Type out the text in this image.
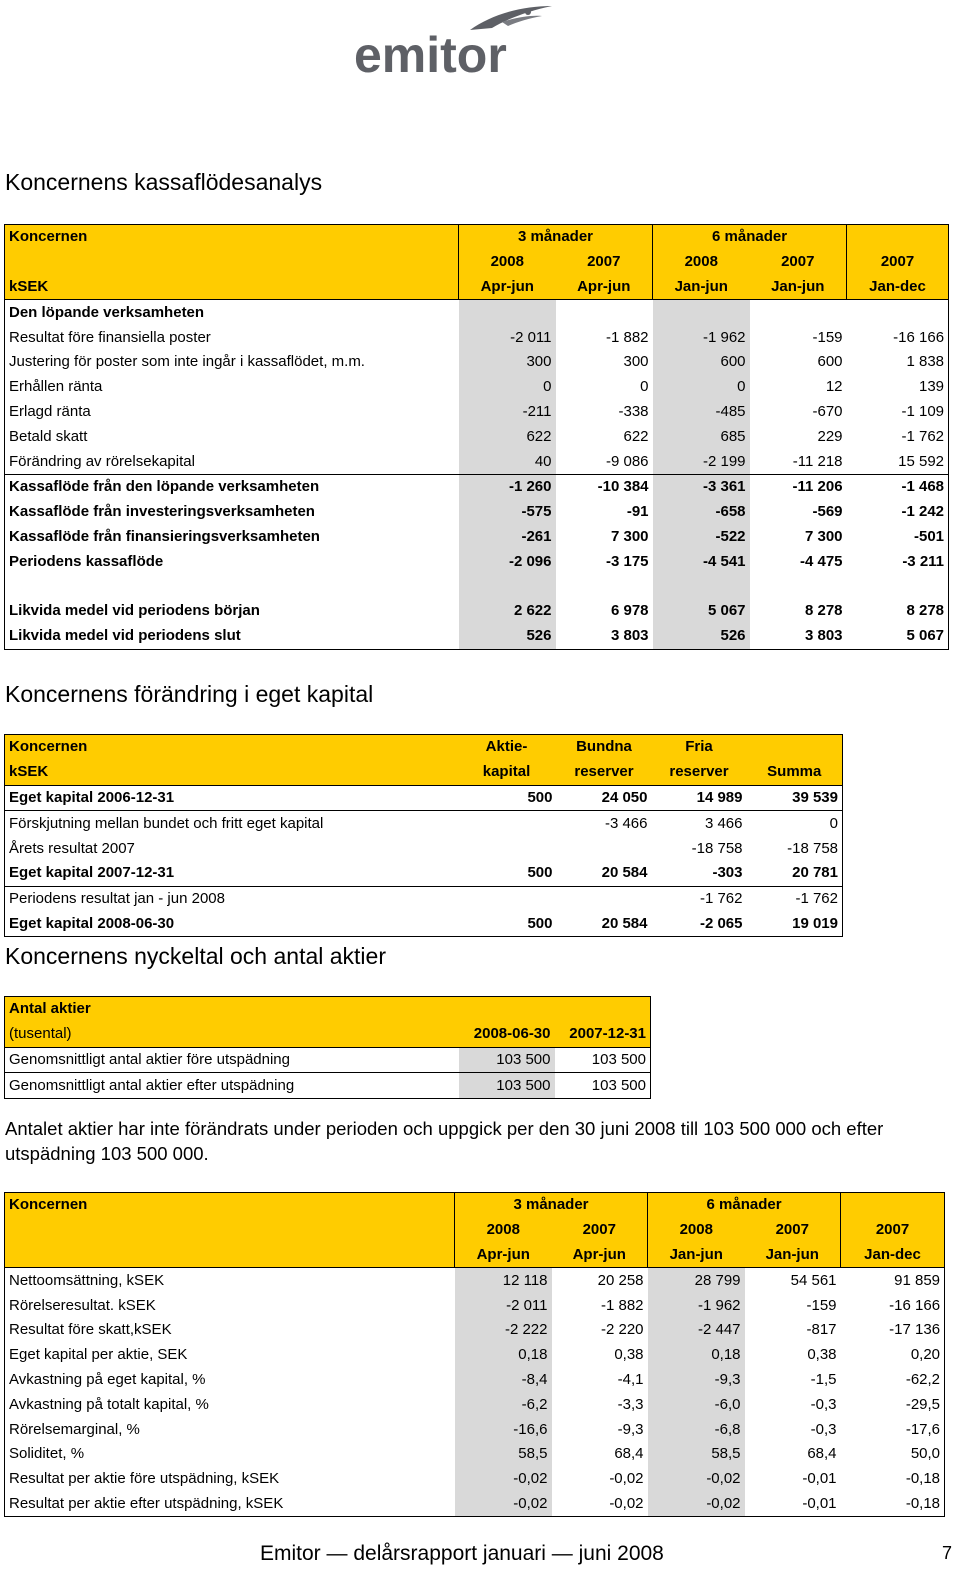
emitor
Koncernens kassaflödesanalys
Koncernen	3 månader		6 månader		
	2008	2007	2008	2007	2007
kSEK	Apr-jun	Apr-jun	Jan-jun	Jan-jun	Jan-dec
Den löpande verksamheten					
Resultat före finansiella poster	-2 011	-1 882	-1 962	-159	-16 166
Justering för poster som inte ingår i kassaflödet, m.m.	300	300	600	600	1 838
Erhållen ränta	0	0	0	12	139
Erlagd ränta	-211	-338	-485	-670	-1 109
Betald skatt	622	622	685	229	-1 762
Förändring av rörelsekapital	40	-9 086	-2 199	-11 218	15 592
Kassaflöde från den löpande verksamheten	-1 260	-10 384	-3 361	-11 206	-1 468
Kassaflöde från investeringsverksamheten	-575	-91	-658	-569	-1 242
Kassaflöde från finansieringsverksamheten	-261	7 300	-522	7 300	-501
Periodens kassaflöde	-2 096	-3 175	-4 541	-4 475	-3 211

Likvida medel vid periodens början	2 622	6 978	5 067	8 278	8 278
Likvida medel vid periodens slut	526	3 803	526	3 803	5 067
Koncernens förändring i eget kapital
Koncernen	Aktie-	Bundna	Fria	
kSEK	kapital	reserver	reserver	Summa
Eget kapital 2006-12-31	500	24 050	14 989	39 539
Förskjutning mellan bundet och fritt eget kapital		-3 466	3 466	0
Årets resultat 2007			-18 758	-18 758
Eget kapital 2007-12-31	500	20 584	-303	20 781
Periodens resultat jan - jun 2008			-1 762	-1 762
Eget kapital 2008-06-30	500	20 584	-2 065	19 019
Koncernens nyckeltal och antal aktier
Antal aktier		
(tusental)	2008-06-30	2007-12-31
Genomsnittligt antal aktier före utspädning	103 500	103 500
Genomsnittligt antal aktier efter utspädning	103 500	103 500

Antalet aktier har inte förändrats under perioden och uppgick per den 30 juni 2008 till 103 500 000 och efter utspädning 103 500 000.

Koncernen	3 månader		6 månader		
	2008	2007	2008	2007	2007
	Apr-jun	Apr-jun	Jan-jun	Jan-jun	Jan-dec
Nettoomsättning, kSEK	12 118	20 258	28 799	54 561	91 859
Rörelseresultat. kSEK	-2 011	-1 882	-1 962	-159	-16 166
Resultat före skatt,kSEK	-2 222	-2 220	-2 447	-817	-17 136
Eget kapital per aktie, SEK	0,18	0,38	0,18	0,38	0,20
Avkastning på eget kapital, %	-8,4	-4,1	-9,3	-1,5	-62,2
Avkastning på totalt kapital, %	-6,2	-3,3	-6,0	-0,3	-29,5
Rörelsemarginal, %	-16,6	-9,3	-6,8	-0,3	-17,6
Soliditet, %	58,5	68,4	58,5	68,4	50,0
Resultat per aktie före utspädning, kSEK	-0,02	-0,02	-0,02	-0,01	-0,18
Resultat per aktie efter utspädning, kSEK	-0,02	-0,02	-0,02	-0,01	-0,18
Emitor — delårsrapport januari — juni 2008	7
